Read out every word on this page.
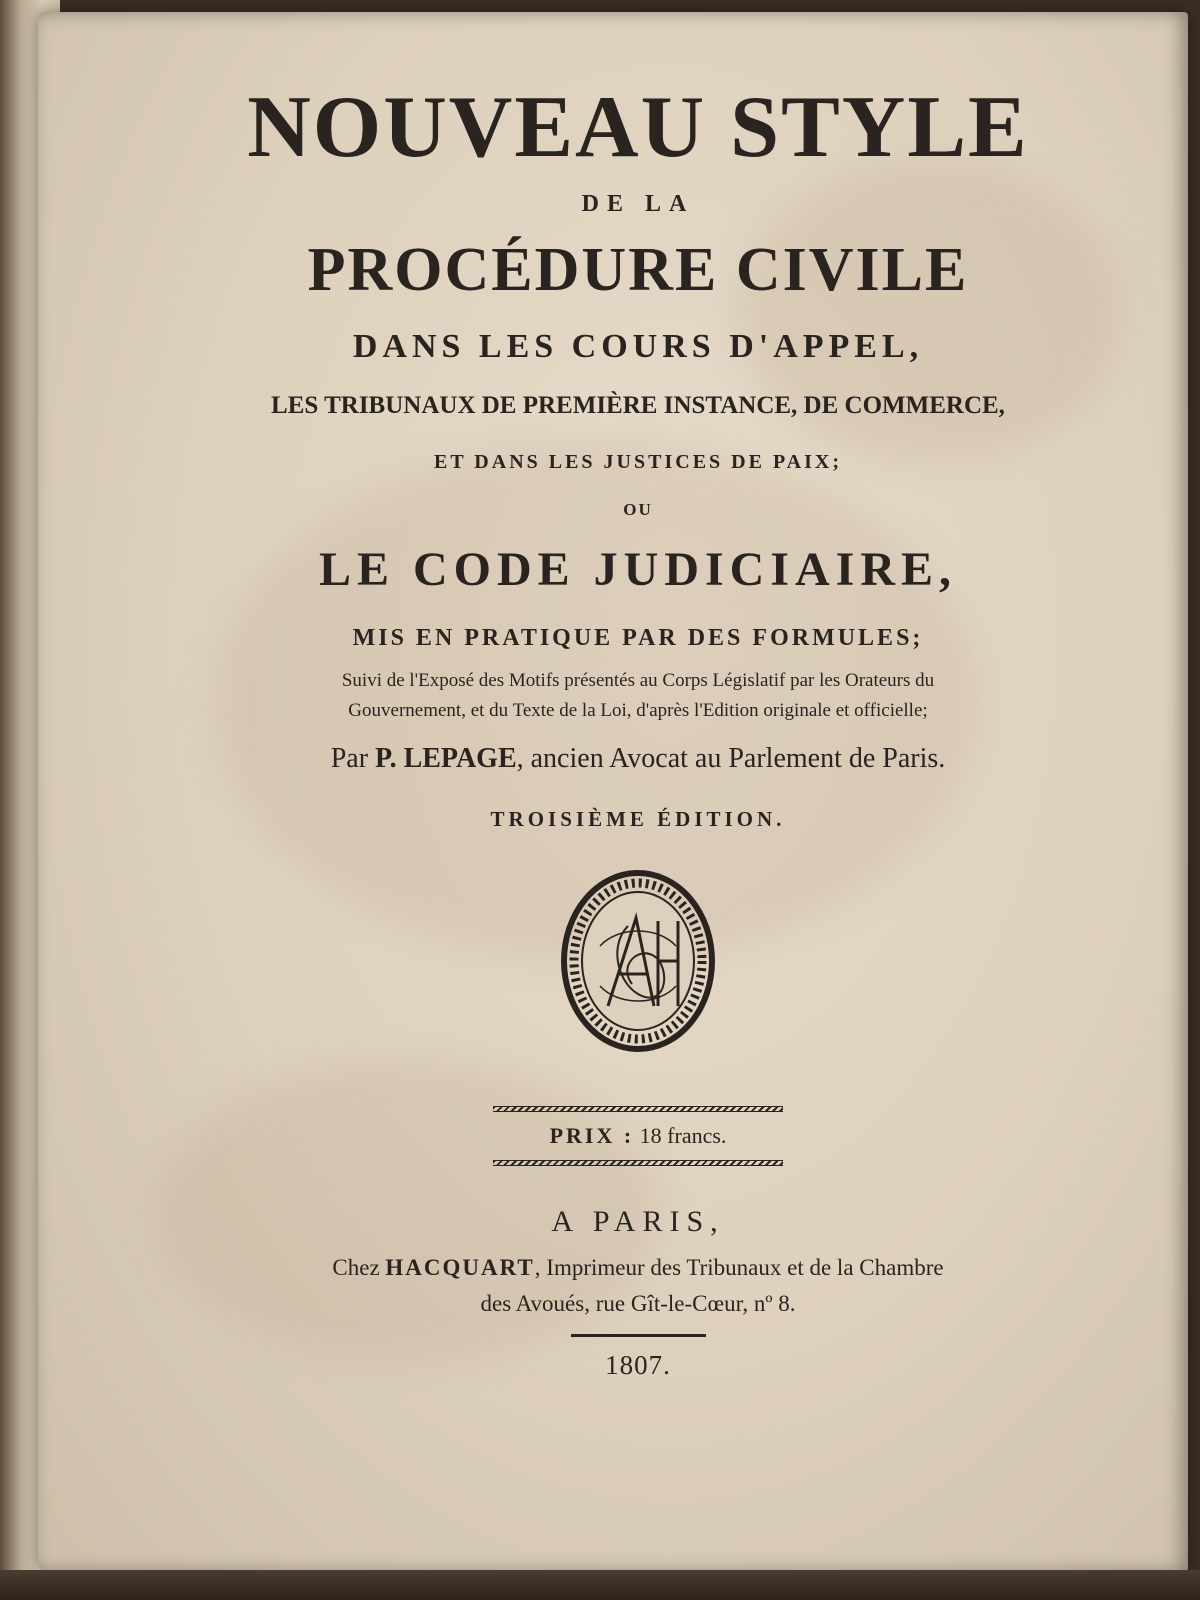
NOUVEAU STYLE
DE LA
PROCÉDURE CIVILE
DANS LES COURS D'APPEL,
LES TRIBUNAUX DE PREMIÈRE INSTANCE, DE COMMERCE,
ET DANS LES JUSTICES DE PAIX;
OU
LE CODE JUDICIAIRE,
MIS EN PRATIQUE PAR DES FORMULES;
Suivi de l'Exposé des Motifs présentés au Corps Législatif par les Orateurs du
Gouvernement, et du Texte de la Loi, d'après l'Edition originale et officielle;
Par P. LEPAGE, ancien Avocat au Parlement de Paris.
TROISIÈME ÉDITION.
PRIX : 18 francs.
A PARIS,
Chez HACQUART, Imprimeur des Tribunaux et de la Chambre
des Avoués, rue Gît-le-Cœur, nº 8.
1807.
